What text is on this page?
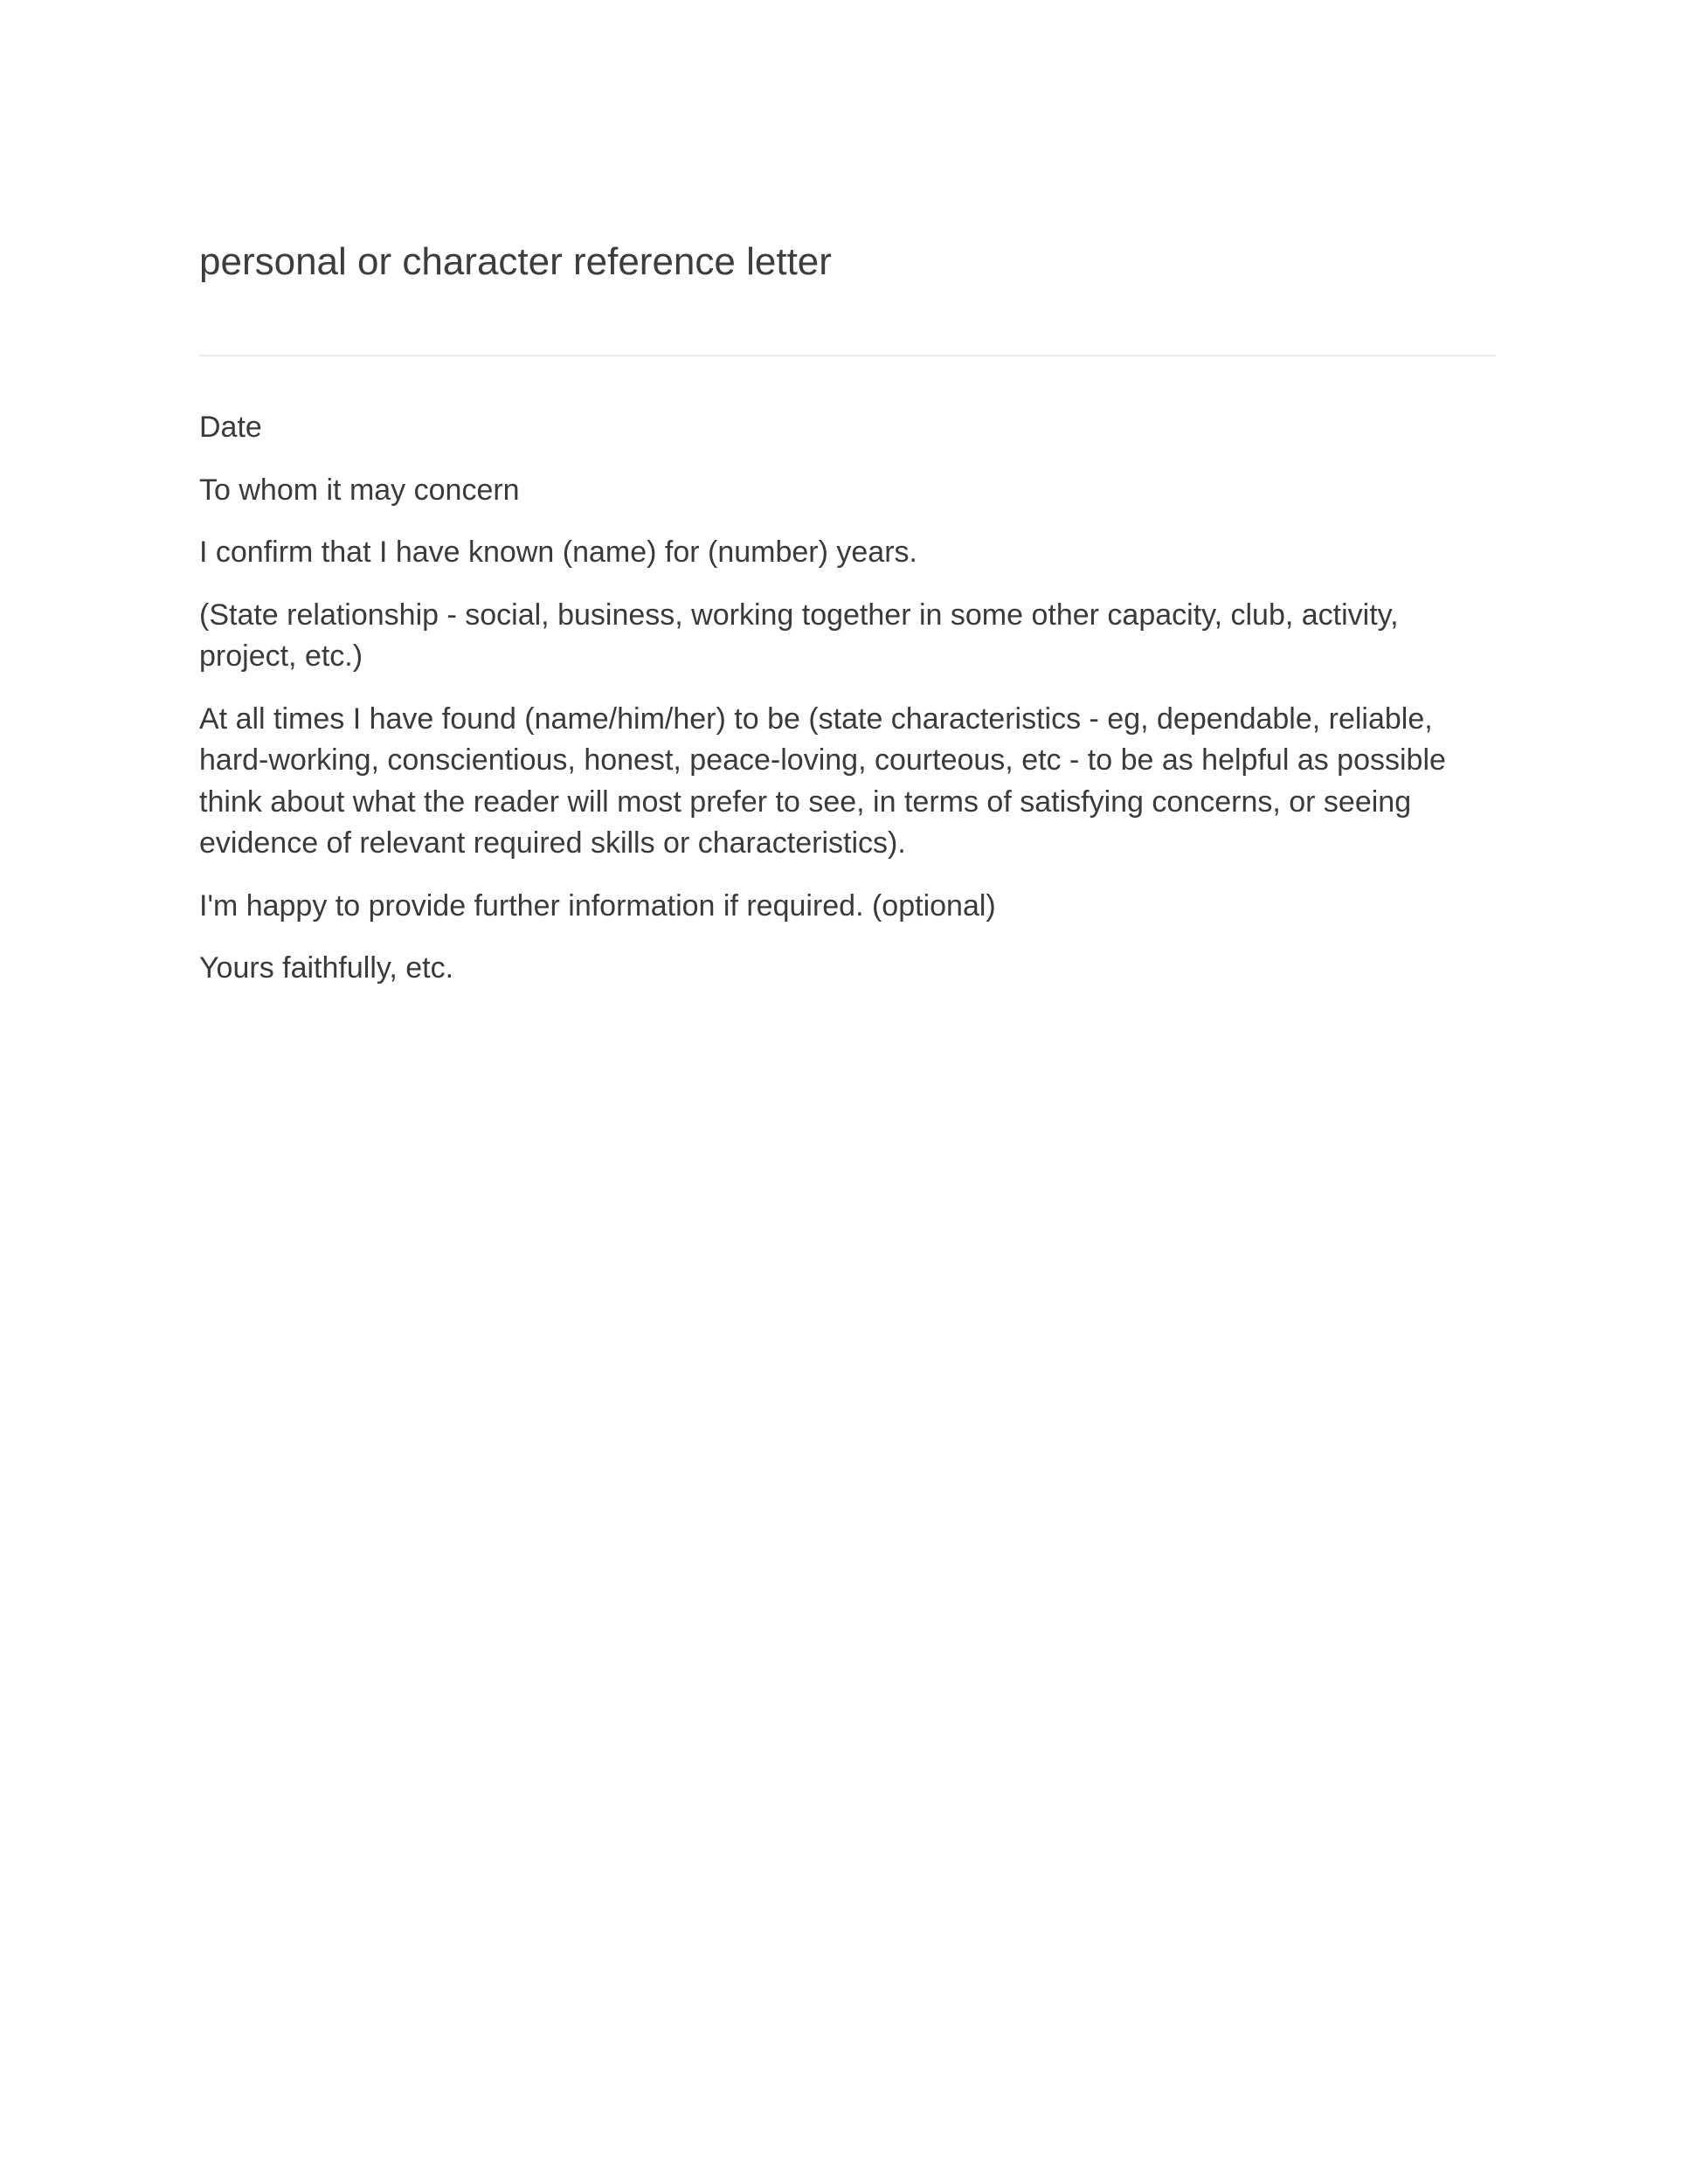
personal or character reference letter

Date

To whom it may concern

I confirm that I have known (name) for (number) years.

(State relationship - social, business, working together in some other capacity, club, activity, project, etc.)

At all times I have found (name/him/her) to be (state characteristics - eg, dependable, reliable, hard-working, conscientious, honest, peace-loving, courteous, etc - to be as helpful as possible think about what the reader will most prefer to see, in terms of satisfying concerns, or seeing evidence of relevant required skills or characteristics).

I'm happy to provide further information if required. (optional)

Yours faithfully, etc.
